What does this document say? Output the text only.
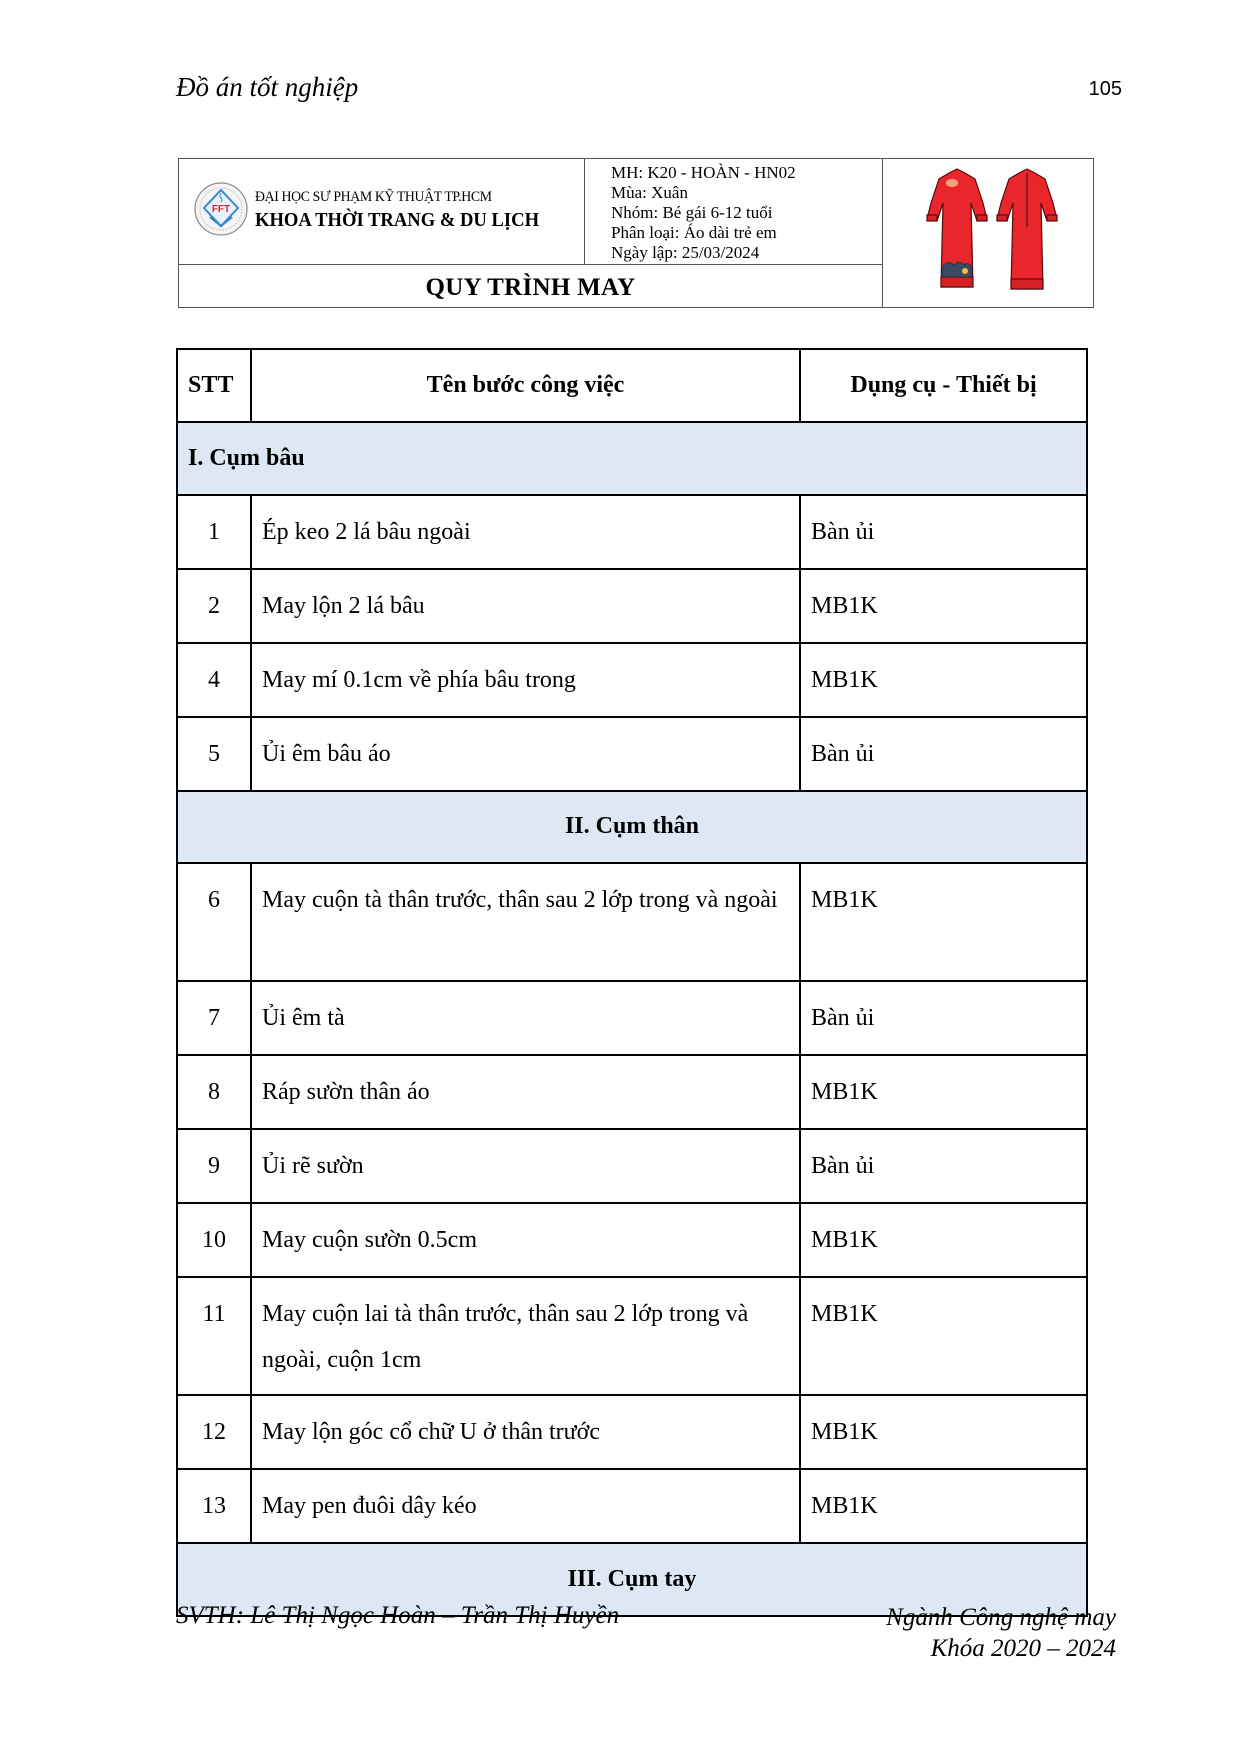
Đồ án tốt nghiệp	105
FFT
ĐẠI HỌC SƯ PHẠM KỸ THUẬT TP.HCM
KHOA THỜI TRANG & DU LỊCH
MH: K20 - HOÀN - HN02
Mùa: Xuân
Nhóm: Bé gái 6-12 tuổi
Phân loại: Áo dài trẻ em
Ngày lập: 25/03/2024
QUY TRÌNH MAY
STT	Tên bước công việc	Dụng cụ - Thiết bị
I. Cụm bâu		
1	Ép keo 2 lá bâu ngoài	Bàn ủi
2	May lộn 2 lá bâu	MB1K
4	May mí 0.1cm về phía bâu trong	MB1K
5	Ủi êm bâu áo	Bàn ủi
II. Cụm thân		
6	May cuộn tà thân trước, thân sau 2 lớp trong và ngoài	MB1K
7	Ủi êm tà	Bàn ủi
8	Ráp sườn thân áo	MB1K
9	Ủi rẽ sườn	Bàn ủi
10	May cuộn sườn 0.5cm	MB1K
11	May cuộn lai tà thân trước, thân sau 2 lớp trong và ngoài, cuộn 1cm	MB1K
12	May lộn góc cổ chữ U ở thân trước	MB1K
13	May pen đuôi dây kéo	MB1K
III. Cụm tay		
SVTH: Lê Thị Ngọc Hoàn – Trần Thị Huyền	Ngành Công nghệ may
Khóa 2020 – 2024
